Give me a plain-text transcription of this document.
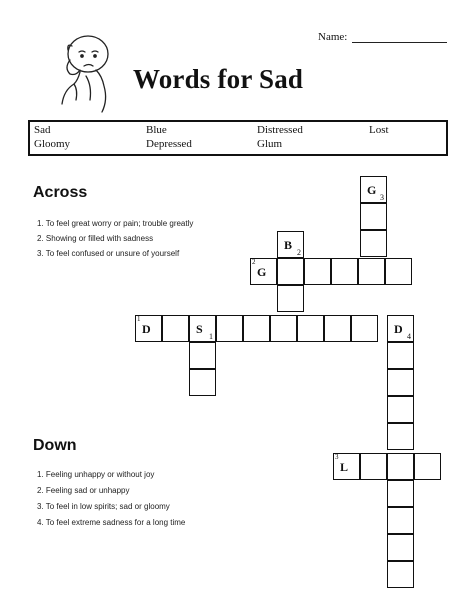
Name:
Words for Sad
Sad	Blue	Distressed	Lost
Gloomy	Depressed	Glum
Across
1. To feel great worry or pain; trouble greatly
2. Showing or filled with sadness
3. To feel confused or unsure of yourself
Down
1. Feeling unhappy or without joy
2. Feeling sad or unhappy
3. To feel in low spirits; sad or gloomy
4. To feel extreme sadness for a long time
G
3
B
2
2
G
1
D	S
1
D
4
3
L
